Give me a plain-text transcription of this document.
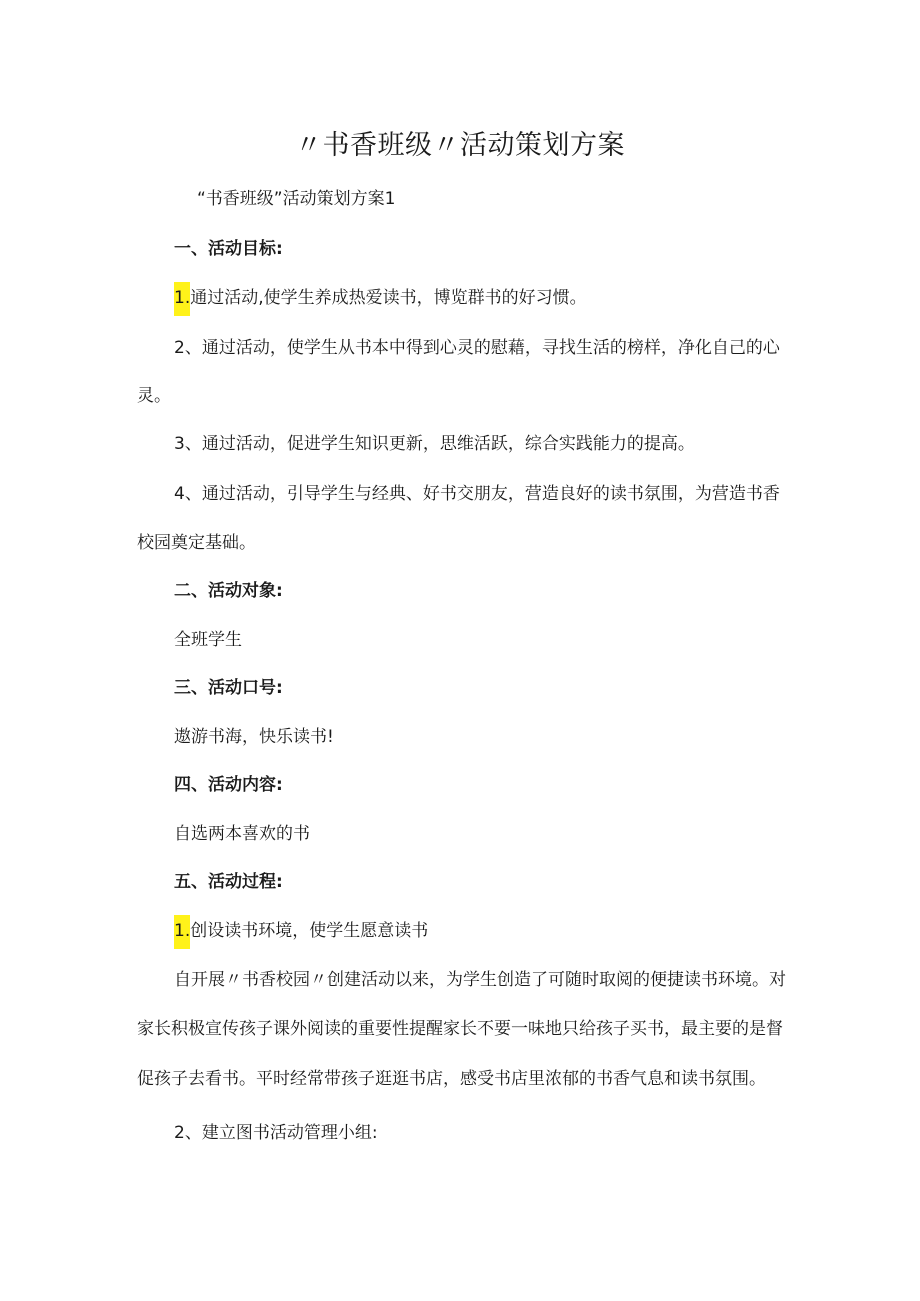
〃书香班级〃活动策划方案
“书香班级”活动策划方案1
一、活动目标:
1.通过活动,使学生养成热爱读书，博览群书的好习惯。
2、通过活动，使学生从书本中得到心灵的慰藉，寻找生活的榜样，净化自己的心
灵。
3、通过活动，促进学生知识更新，思维活跃，综合实践能力的提高。
4、通过活动，引导学生与经典、好书交朋友，营造良好的读书氛围，为营造书香
校园奠定基础。
二、活动对象:
全班学生
三、活动口号:
遨游书海，快乐读书!
四、活动内容:
自选两本喜欢的书
五、活动过程:
1.创设读书环境，使学生愿意读书
自开展〃书香校园〃创建活动以来，为学生创造了可随时取阅的便捷读书环境。对
家长积极宣传孩子课外阅读的重要性提醒家长不要一味地只给孩子买书，最主要的是督
促孩子去看书。平时经常带孩子逛逛书店，感受书店里浓郁的书香气息和读书氛围。
2、建立图书活动管理小组:
